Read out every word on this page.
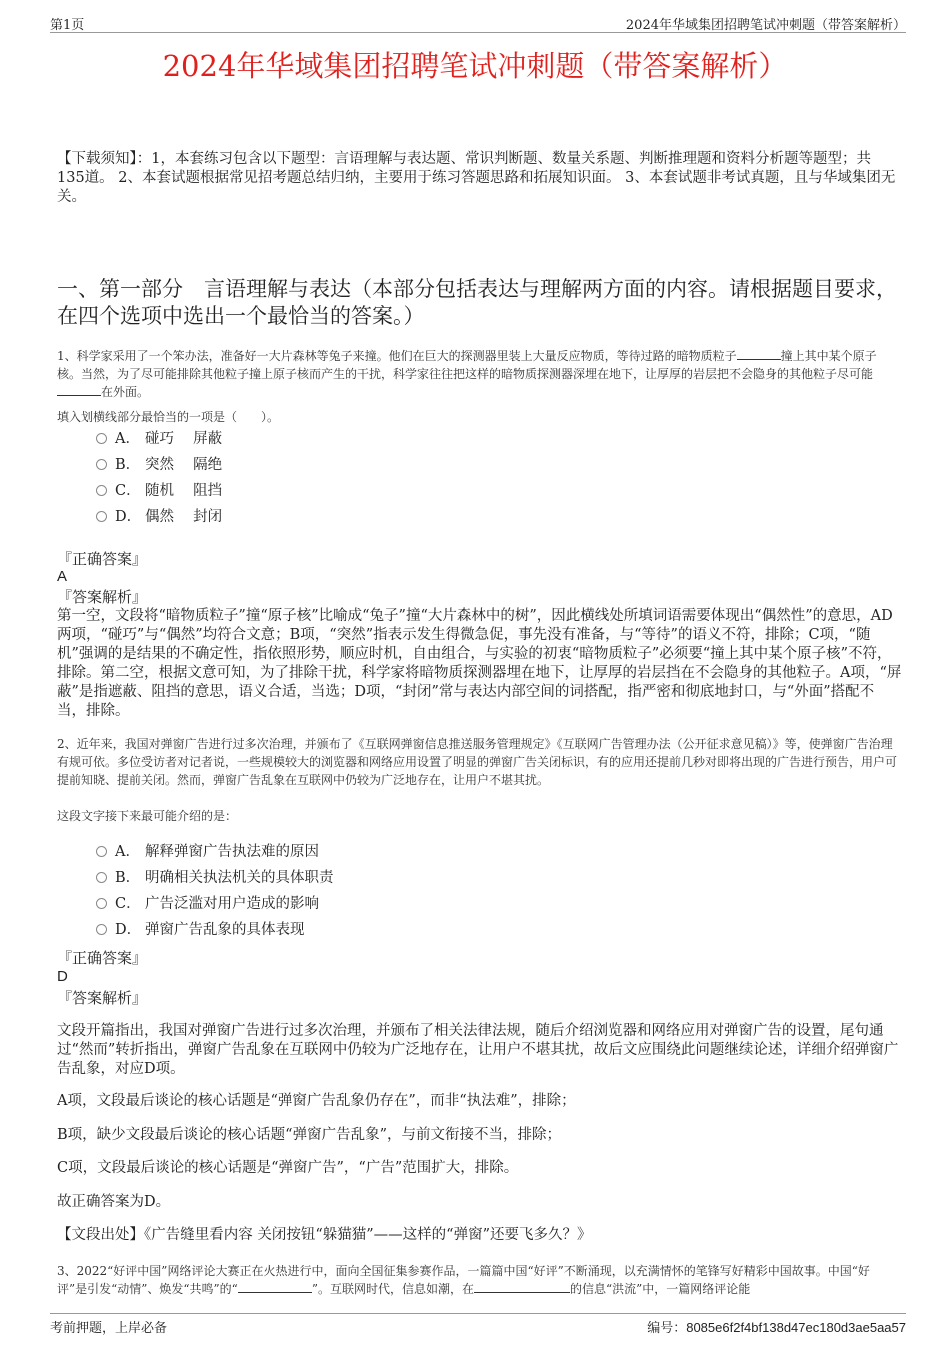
第1页	2024年华域集团招聘笔试冲刺题（带答案解析）
2024年华域集团招聘笔试冲刺题（带答案解析）
【下载须知】：1，本套练习包含以下题型：言语理解与表达题、常识判断题、数量关系题、判断推理题和资料分析题等题型；共135道。 2、本套试题根据常见招考题总结归纳，主要用于练习答题思路和拓展知识面。 3、本套试题非考试真题，且与华域集团无关。
一、第一部分　言语理解与表达（本部分包括表达与理解两方面的内容。请根据题目要求，在四个选项中选出一个最恰当的答案。）
1、科学家采用了一个笨办法，准备好一大片森林等兔子来撞。他们在巨大的探测器里装上大量反应物质，等待过路的暗物质粒子	撞上其中某个原子核。当然，为了尽可能排除其他粒子撞上原子核而产生的干扰，科学家往往把这样的暗物质探测器深埋在地下，让厚厚的岩层把不会隐身的其他粒子尽可能在外面。
填入划横线部分最恰当的一项是（　　）。
A． 碰巧　 屏蔽
B． 突然　 隔绝
C． 随机　 阻挡
D． 偶然　 封闭
『正确答案』
A
『答案解析』
第一空，文段将“暗物质粒子”撞“原子核”比喻成“兔子”撞“大片森林中的树”，因此横线处所填词语需要体现出“偶然性”的意思，AD两项，“碰巧”与“偶然”均符合文意；B项，“突然”指表示发生得微急促，事先没有准备，与“等待”的语义不符，排除；C项，“随机”强调的是结果的不确定性，指依照形势，顺应时机，自由组合，与实验的初衷“暗物质粒子”必须要“撞上其中某个原子核”不符，排除。第二空，根据文意可知，为了排除干扰，科学家将暗物质探测器埋在地下，让厚厚的岩层挡在不会隐身的其他粒子。A项，“屏蔽”是指遮蔽、阻挡的意思，语义合适，当选；D项，“封闭”常与表达内部空间的词搭配，指严密和彻底地封口，与“外面”搭配不当，排除。
2、近年来，我国对弹窗广告进行过多次治理，并颁布了《互联网弹窗信息推送服务管理规定》《互联网广告管理办法（公开征求意见稿）》等，使弹窗广告治理有规可依。多位受访者对记者说，一些规模较大的浏览器和网络应用设置了明显的弹窗广告关闭标识，有的应用还提前几秒对即将出现的广告进行预告，用户可提前知晓、提前关闭。然而，弹窗广告乱象在互联网中仍较为广泛地存在，让用户不堪其扰。
这段文字接下来最可能介绍的是：
A． 解释弹窗广告执法难的原因
B． 明确相关执法机关的具体职责
C． 广告泛滥对用户造成的影响
D． 弹窗广告乱象的具体表现
『正确答案』
D
『答案解析』
文段开篇指出，我国对弹窗广告进行过多次治理，并颁布了相关法律法规，随后介绍浏览器和网络应用对弹窗广告的设置，尾句通过“然而”转折指出，弹窗广告乱象在互联网中仍较为广泛地存在，让用户不堪其扰，故后文应围绕此问题继续论述，详细介绍弹窗广告乱象，对应D项。
A项，文段最后谈论的核心话题是“弹窗广告乱象仍存在”，而非“执法难”，排除；
B项，缺少文段最后谈论的核心话题“弹窗广告乱象”，与前文衔接不当，排除；
C项，文段最后谈论的核心话题是“弹窗广告”，“广告”范围扩大，排除。
故正确答案为D。
【文段出处】《广告缝里看内容 关闭按钮“躲猫猫”——这样的“弹窗”还要飞多久？》
3、2022“好评中国”网络评论大赛正在火热进行中，面向全国征集参赛作品，一篇篇中国“好评”不断涌现，以充满情怀的笔锋写好精彩中国故事。中国“好评”是引发“动情”、焕发“共鸣”的“	”。互联网时代，信息如潮，在	的信息“洪流”中，一篇网络评论能
考前押题，上岸必备	编号：8085e6f2f4bf138d47ec180d3ae5aa57
